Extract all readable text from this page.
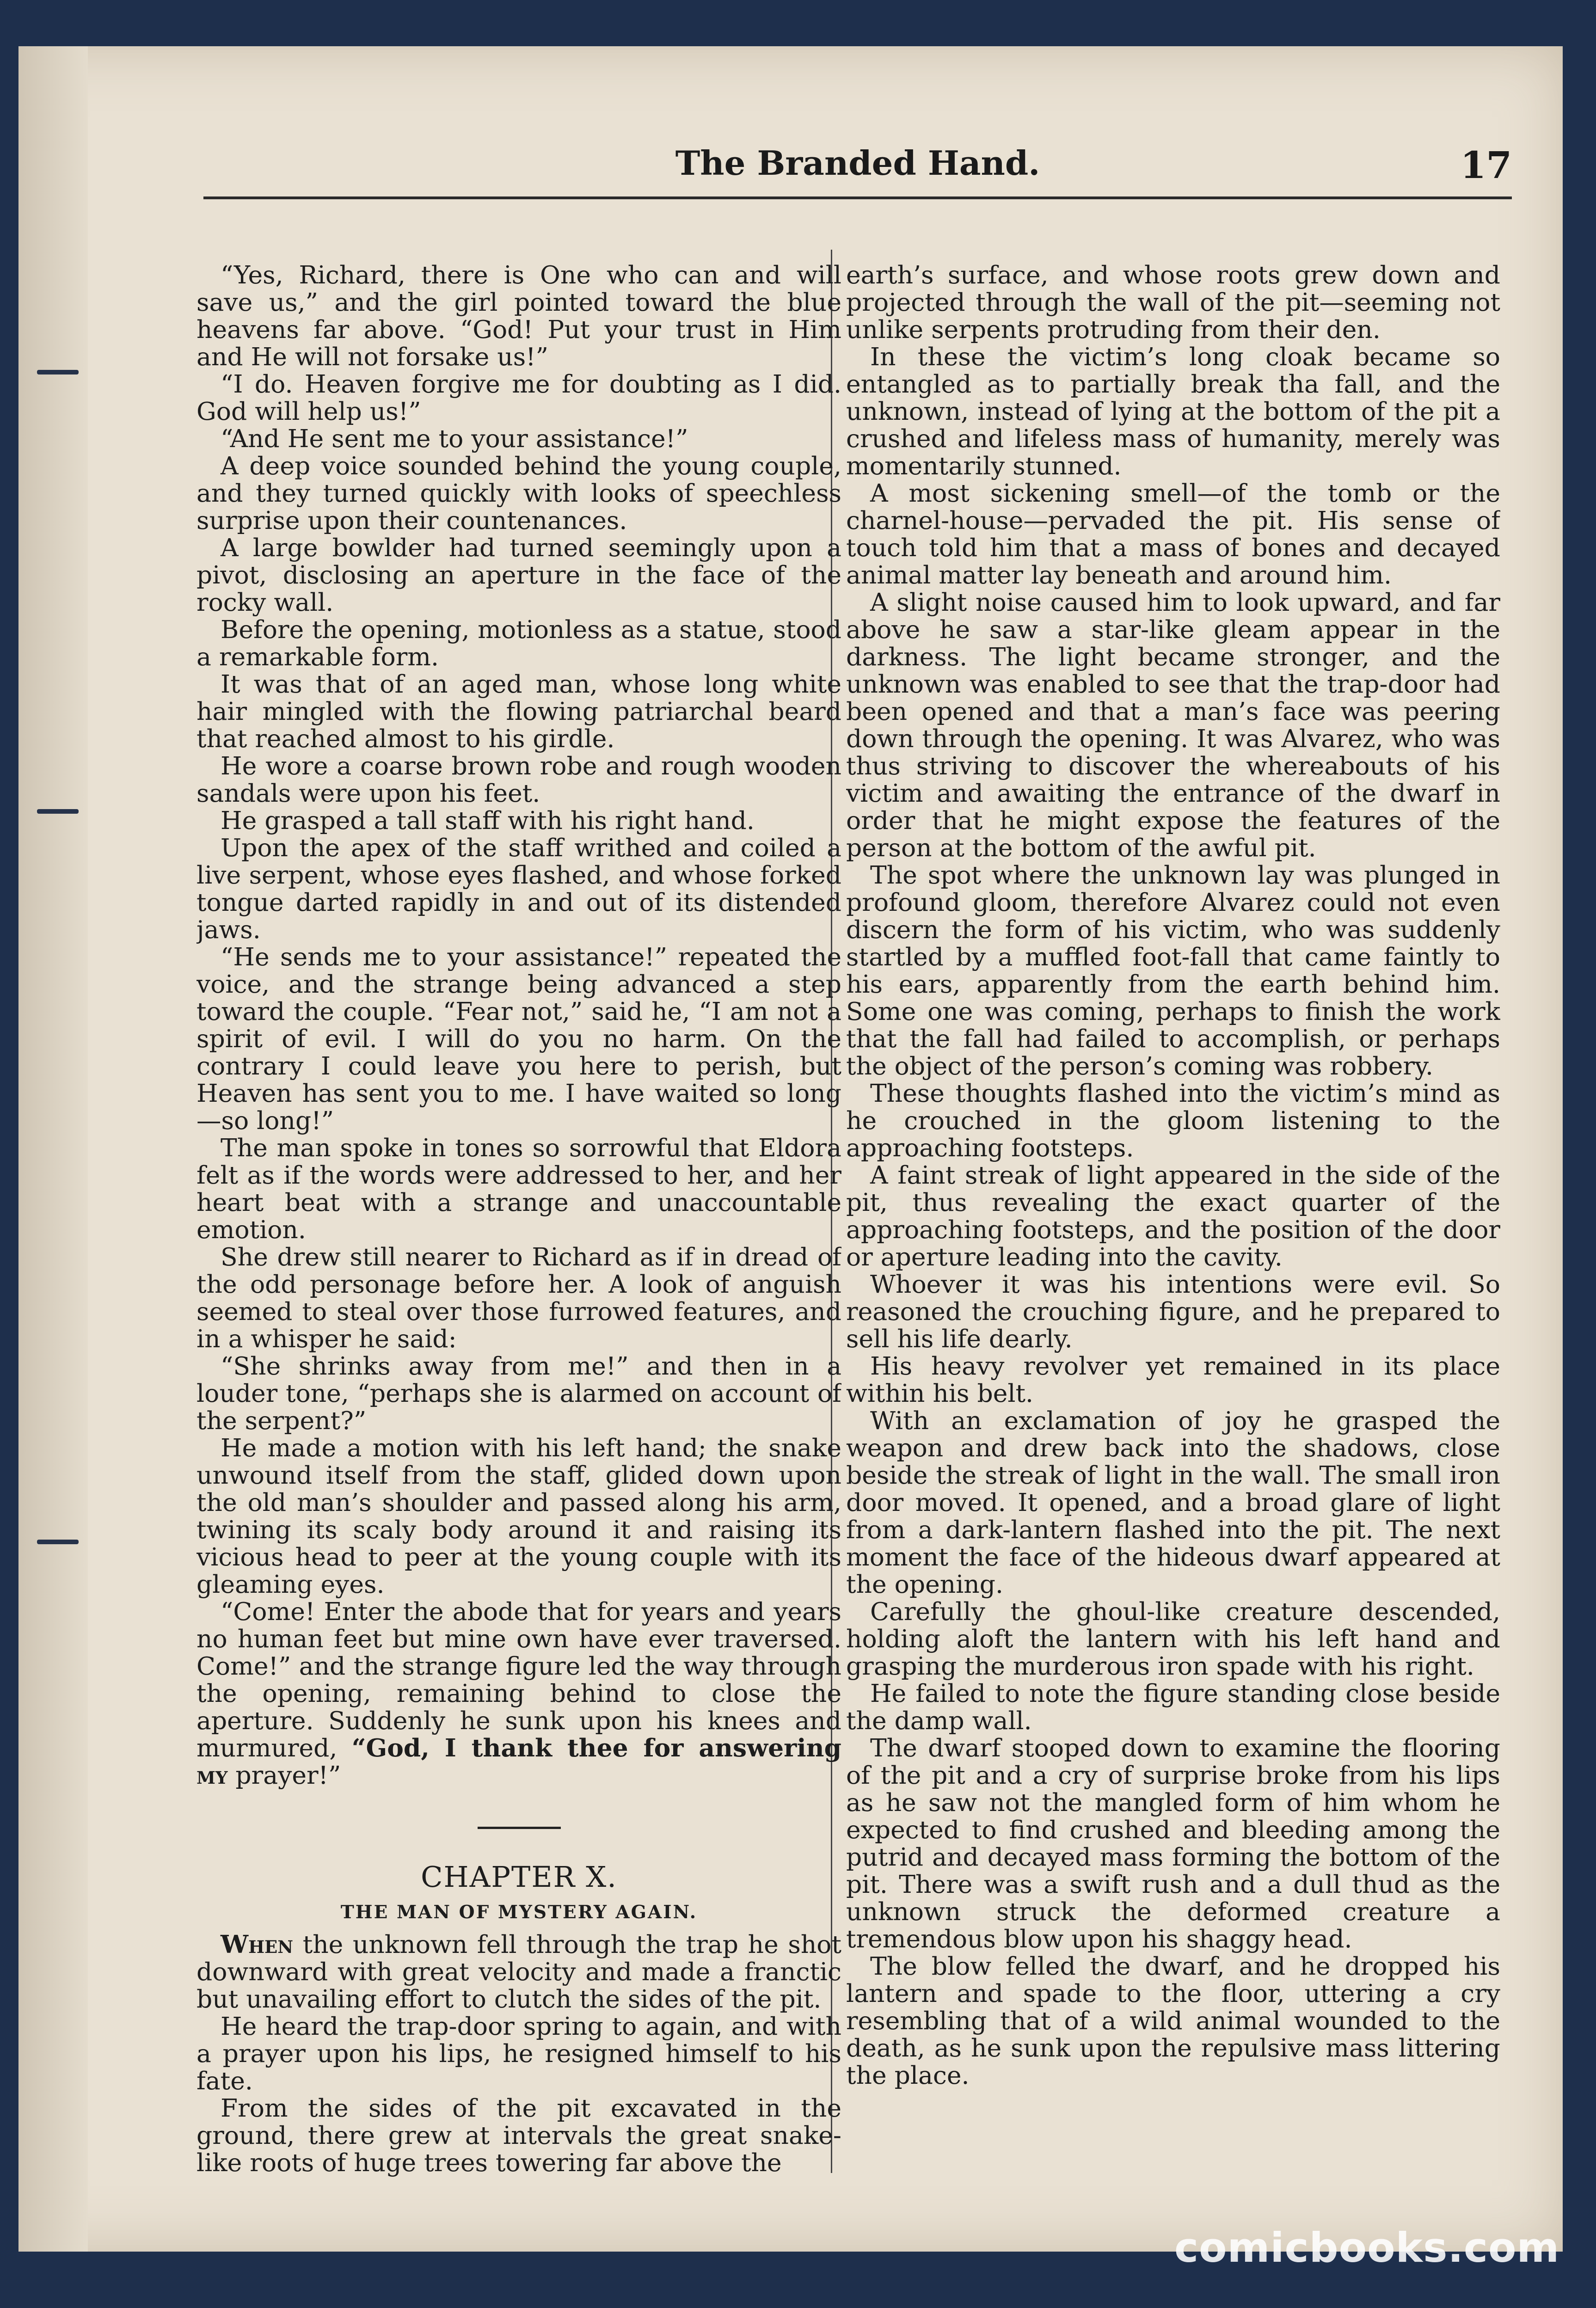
The Branded Hand.	17

“Yes, Richard, there is One who can and will save us,” and the girl pointed toward the blue heavens far above. “God! Put your trust in Him and He will not forsake us!”

“I do. Heaven forgive me for doubting as I did. God will help us!”

“And He sent me to your assistance!”

A deep voice sounded behind the young couple, and they turned quickly with looks of speechless surprise upon their countenances.

A large bowlder had turned seemingly upon a pivot, disclosing an aperture in the face of the rocky wall.

Before the opening, motionless as a statue, stood a remarkable form.

It was that of an aged man, whose long white hair mingled with the flowing patriarchal beard that reached almost to his girdle.

He wore a coarse brown robe and rough wooden sandals were upon his feet.

He grasped a tall staff with his right hand.

Upon the apex of the staff writhed and coiled a live serpent, whose eyes flashed, and whose forked tongue darted rapidly in and out of its distended jaws.

“He sends me to your assistance!” repeated the voice, and the strange being advanced a step toward the couple. “Fear not,” said he, “I am not a spirit of evil. I will do you no harm. On the contrary I could leave you here to perish, but Heaven has sent you to me. I have waited so long—so long!”

The man spoke in tones so sorrowful that Eldora felt as if the words were addressed to her, and her heart beat with a strange and unaccountable emotion.

She drew still nearer to Richard as if in dread of the odd personage before her. A look of anguish seemed to steal over those furrowed features, and in a whisper he said:

“She shrinks away from me!” and then in a louder tone, “perhaps she is alarmed on account of the serpent?”

He made a motion with his left hand; the snake unwound itself from the staff, glided down upon the old man’s shoulder and passed along his arm, twining its scaly body around it and raising its vicious head to peer at the young couple with its gleaming eyes.

“Come! Enter the abode that for years and years no human feet but mine own have ever traversed. Come!” and the strange figure led the way through the opening, remaining behind to close the aperture. Suddenly he sunk upon his knees and murmured, “God, I thank thee for answering my prayer!”

CHAPTER X.

THE MAN OF MYSTERY AGAIN.

When the unknown fell through the trap he shot downward with great velocity and made a franctic but unavailing effort to clutch the sides of the pit.

He heard the trap-door spring to again, and with a prayer upon his lips, he resigned himself to his fate.

From the sides of the pit excavated in the ground, there grew at intervals the great snake-like roots of huge trees towering far above the

earth’s surface, and whose roots grew down and projected through the wall of the pit—seeming not unlike serpents protruding from their den.

In these the victim’s long cloak became so entangled as to partially break tha fall, and the unknown, instead of lying at the bottom of the pit a crushed and lifeless mass of humanity, merely was momentarily stunned.

A most sickening smell—of the tomb or the charnel-house—pervaded the pit. His sense of touch told him that a mass of bones and decayed animal matter lay beneath and around him.

A slight noise caused him to look upward, and far above he saw a star-like gleam appear in the darkness. The light became stronger, and the unknown was enabled to see that the trap-door had been opened and that a man’s face was peering down through the opening. It was Alvarez, who was thus striving to discover the whereabouts of his victim and awaiting the entrance of the dwarf in order that he might expose the features of the person at the bottom of the awful pit.

The spot where the unknown lay was plunged in profound gloom, therefore Alvarez could not even discern the form of his victim, who was suddenly startled by a muffled foot-fall that came faintly to his ears, apparently from the earth behind him. Some one was coming, perhaps to finish the work that the fall had failed to accomplish, or perhaps the object of the person’s coming was robbery.

These thoughts flashed into the victim’s mind as he crouched in the gloom listening to the approaching footsteps.

A faint streak of light appeared in the side of the pit, thus revealing the exact quarter of the approaching footsteps, and the position of the door or aperture leading into the cavity.

Whoever it was his intentions were evil. So reasoned the crouching figure, and he prepared to sell his life dearly.

His heavy revolver yet remained in its place within his belt.

With an exclamation of joy he grasped the weapon and drew back into the shadows, close beside the streak of light in the wall. The small iron door moved. It opened, and a broad glare of light from a dark-lantern flashed into the pit. The next moment the face of the hideous dwarf appeared at the opening.

Carefully the ghoul-like creature descended, holding aloft the lantern with his left hand and grasping the murderous iron spade with his right.

He failed to note the figure standing close beside the damp wall.

The dwarf stooped down to examine the flooring of the pit and a cry of surprise broke from his lips as he saw not the mangled form of him whom he expected to find crushed and bleeding among the putrid and decayed mass forming the bottom of the pit. There was a swift rush and a dull thud as the unknown struck the deformed creature a tremendous blow upon his shaggy head.

The blow felled the dwarf, and he dropped his lantern and spade to the floor, uttering a cry resembling that of a wild animal wounded to the death, as he sunk upon the repulsive mass littering the place.

comicbooks.com
